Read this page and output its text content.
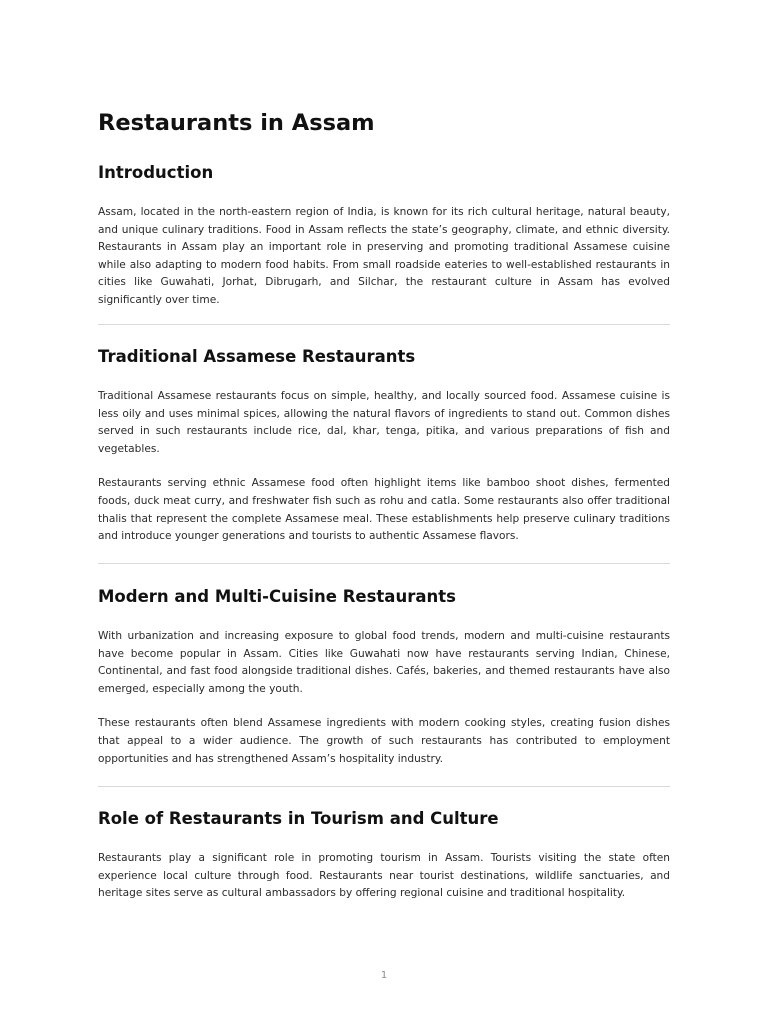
Restaurants in Assam
Introduction

Assam, located in the north-eastern region of India, is known for its rich cultural heritage, natural beauty, and unique culinary traditions. Food in Assam reflects the state’s geography, climate, and ethnic diversity. Restaurants in Assam play an important role in preserving and promoting traditional Assamese cuisine while also adapting to modern food habits. From small roadside eateries to well-established restaurants in cities like Guwahati, Jorhat, Dibrugarh, and Silchar, the restaurant culture in Assam has evolved significantly over time.

Traditional Assamese Restaurants

Traditional Assamese restaurants focus on simple, healthy, and locally sourced food. Assamese cuisine is less oily and uses minimal spices, allowing the natural flavors of ingredients to stand out. Common dishes served in such restaurants include rice, dal, khar, tenga, pitika, and various preparations of fish and vegetables.

Restaurants serving ethnic Assamese food often highlight items like bamboo shoot dishes, fermented foods, duck meat curry, and freshwater fish such as rohu and catla. Some restaurants also offer traditional thalis that represent the complete Assamese meal. These establishments help preserve culinary traditions and introduce younger generations and tourists to authentic Assamese flavors.

Modern and Multi-Cuisine Restaurants

With urbanization and increasing exposure to global food trends, modern and multi-cuisine restaurants have become popular in Assam. Cities like Guwahati now have restaurants serving Indian, Chinese, Continental, and fast food alongside traditional dishes. Cafés, bakeries, and themed restaurants have also emerged, especially among the youth.

These restaurants often blend Assamese ingredients with modern cooking styles, creating fusion dishes that appeal to a wider audience. The growth of such restaurants has contributed to employment opportunities and has strengthened Assam’s hospitality industry.

Role of Restaurants in Tourism and Culture

Restaurants play a significant role in promoting tourism in Assam. Tourists visiting the state often experience local culture through food. Restaurants near tourist destinations, wildlife sanctuaries, and heritage sites serve as cultural ambassadors by offering regional cuisine and traditional hospitality.

1
